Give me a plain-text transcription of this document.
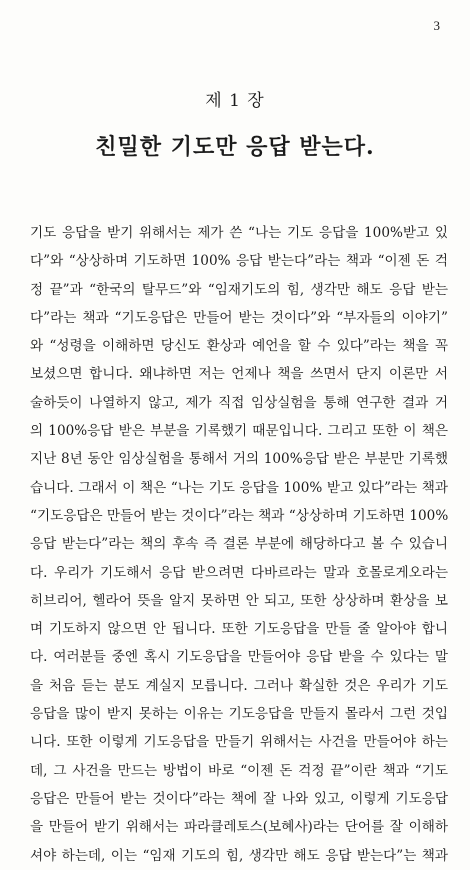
3
제 1 장
친밀한 기도만 응답 받는다.
기도 응답을 받기 위해서는 제가 쓴 “나는 기도 응답을 100%받고 있
다”와 “상상하며 기도하면 100% 응답 받는다”라는 책과 “이젠 돈 걱
정 끝”과 “한국의 탈무드”와 “임재기도의 힘, 생각만 해도 응답 받는
다”라는 책과 “기도응답은 만들어 받는 것이다”와 “부자들의 이야기”
와 “성령을 이해하면 당신도 환상과 예언을 할 수 있다”라는 책을 꼭
보셨으면 합니다. 왜냐하면 저는 언제나 책을 쓰면서 단지 이론만 서
술하듯이 나열하지 않고, 제가 직접 임상실험을 통해 연구한 결과 거
의 100%응답 받은 부분을 기록했기 때문입니다. 그리고 또한 이 책은
지난 8년 동안 임상실험을 통해서 거의 100%응답 받은 부분만 기록했
습니다. 그래서 이 책은 “나는 기도 응답을 100% 받고 있다”라는 책과
“기도응답은 만들어 받는 것이다”라는 책과 “상상하며 기도하면 100%
응답 받는다”라는 책의 후속 즉 결론 부분에 해당하다고 볼 수 있습니
다. 우리가 기도해서 응답 받으려면 다바르라는 말과 호몰로게오라는
히브리어, 헬라어 뜻을 알지 못하면 안 되고, 또한 상상하며 환상을 보
며 기도하지 않으면 안 됩니다. 또한 기도응답을 만들 줄 알아야 합니
다. 여러분들 중엔 혹시 기도응답을 만들어야 응답 받을 수 있다는 말
을 처음 듣는 분도 계실지 모릅니다. 그러나 확실한 것은 우리가 기도
응답을 많이 받지 못하는 이유는 기도응답을 만들지 몰라서 그런 것입
니다. 또한 이렇게 기도응답을 만들기 위해서는 사건을 만들어야 하는
데, 그 사건을 만드는 방법이 바로 “이젠 돈 걱정 끝”이란 책과 “기도
응답은 만들어 받는 것이다”라는 책에 잘 나와 있고, 이렇게 기도응답
을 만들어 받기 위해서는 파라클레토스(보혜사)라는 단어를 잘 이해하
셔야 하는데, 이는 “임재 기도의 힘, 생각만 해도 응답 받는다”는 책과
